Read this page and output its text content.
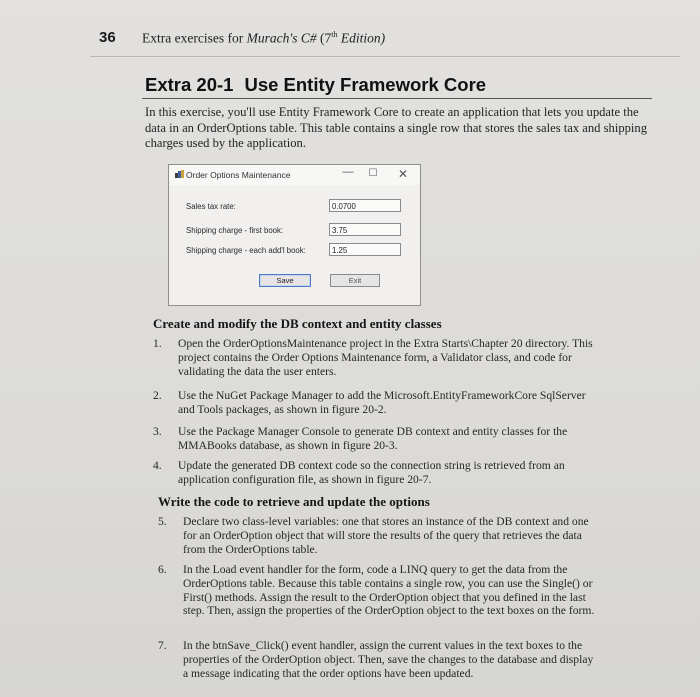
36 Extra exercises for Murach's C# (7th Edition)
Extra 20-1 Use Entity Framework Core
In this exercise, you'll use Entity Framework Core to create an application that lets you update the data in an OrderOptions table. This table contains a single row that stores the sales tax and shipping charges used by the application.
Order Options Maintenance	— ☐ ✕
Sales tax rate:	0.0700
Shipping charge - first book:	3.75
Shipping charge - each add'l book:	1.25
Save	Exit
Create and modify the DB context and entity classes
1.	Open the OrderOptionsMaintenance project in the Extra Starts\Chapter 20 directory. This project contains the Order Options Maintenance form, a Validator class, and code for validating the data the user enters.
2.	Use the NuGet Package Manager to add the Microsoft.EntityFrameworkCore SqlServer and Tools packages, as shown in figure 20-2.
3.	Use the Package Manager Console to generate DB context and entity classes for the MMABooks database, as shown in figure 20-3.
4.	Update the generated DB context code so the connection string is retrieved from an application configuration file, as shown in figure 20-7.
Write the code to retrieve and update the options
5.	Declare two class-level variables: one that stores an instance of the DB context and one for an OrderOption object that will store the results of the query that retrieves the data from the OrderOptions table.
6.	In the Load event handler for the form, code a LINQ query to get the data from the OrderOptions table. Because this table contains a single row, you can use the Single() or First() methods. Assign the result to the OrderOption object that you defined in the last step. Then, assign the properties of the OrderOption object to the text boxes on the form.
7.	In the btnSave_Click() event handler, assign the current values in the text boxes to the properties of the OrderOption object. Then, save the changes to the database and display a message indicating that the order options have been updated.
